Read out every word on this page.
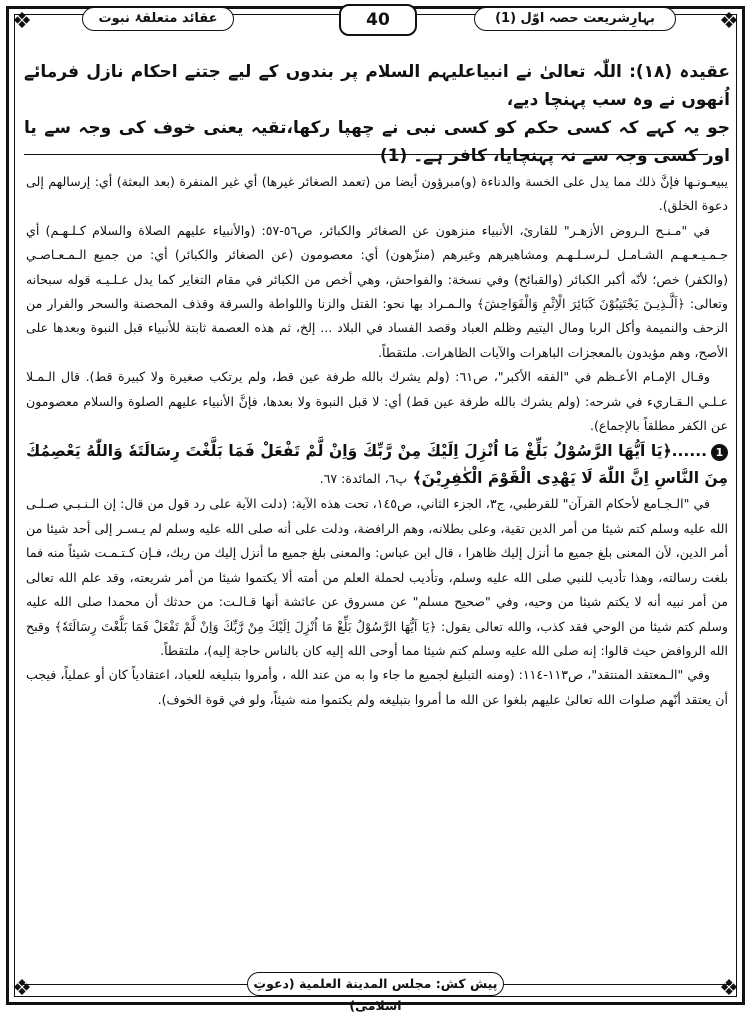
❖	❖
❖	❖
بہارِشریعت حصہ اوّل (1)
40
عقائد متعلقۂ نبوت

عقیدہ (۱۸): اللّٰہ تعالیٰ نے انبیاعلیہم السلام پر بندوں کے لیے جتنے احکام نازل فرمائے اُنھوں نے وہ سب پہنچا دیے،

جو یہ کہے کہ کسی حکم کو کسی نبی نے چھپا رکھا،تقیہ یعنی خوف کی وجہ سے یا اور کسی وجہ سے نہ پہنچایا، کافر ہے۔ (1)

يبيعـونـها فإنَّ ذلك مما يدل على الخسة والدناءة (و)مبرؤون أيضا من (تعمد الصغائر غيرها) أي غير المنفرة (بعد البعثة) أي: إرسالهم إلى دعوة الخلق).

في "مـنـح الـروض الأزهـر" للقارئ، الأنبياء منزهون عن الصغائر والكبائر، ص٥٦-٥٧: (والأنبياء عليهم الصلاة والسلام كـلـهـم) أي جـمـيـعـهـم الشـامـل لـرسـلـهـم ومشاهيرهم وغيرهم (منزّهون) أي: معصومون (عن الصغائر والكبائر) أي: من جميع الـمـعـاصـي (والكفر) خص؛ لأنّه أكبر الكبائر (والقبائح) وفي نسخة: والفواحش، وهي أخص من الكبائر في مقام التغاير كما يدل عـلـيـه قوله سبحانه وتعالى: ﴿اَلَّـذِيـنَ يَجْتَنِبُوْنَ كَبَائِرَ الْاِثْمِ وَالْفَوَاحِشَ﴾ والـمـراد بها نحو: القتل والزنا واللواطة والسرقة وقذف المحصنة والسحر والفرار من الزحف والنميمة وأكل الربا ومال اليتيم وظلم العباد وقصد الفساد في البلاد ... إلخ، ثم هذه العصمة ثابتة للأنبياء قبل النبوة وبعدها على الأصح، وهم مؤيدون بالمعجزات الباهرات والآيات الظاهرات. ملتقطاً.

وقـال الإمـام الأعـظم في "الفقه الأكبر"، ص٦١: (ولم يشرك بالله طرفة عين قط، ولم يرتكب صغيرة ولا كبيرة قط). قال الـمـلا عـلـي الـقـاريء في شرحه: (ولم يشرك بالله طرفة عين قط) أي: لا قبل النبوة ولا بعدها، فإنَّ الأنبياء عليهم الصلوة والسلام معصومون عن الكفر مطلقاً بالإجماع).

1......﴿يَا اَيُّهَا الرَّسُوْلُ بَلِّغْ مَا اُنْزِلَ اِلَيْكَ مِنْ رَّبِّكَ وَاِنْ لَّمْ تَفْعَلْ فَمَا بَلَّغْتَ رِسَالَتَهٗ وَاللّٰهُ يَعْصِمُكَ مِنَ النَّاسِ اِنَّ اللّٰهَ لَا يَهْدِى الْقَوْمَ الْكٰفِرِيْنَ﴾ پ٦، المائدة: ٦٧.

في "الـجـامع لأحكام القرآن" للقرطبي، ج٣، الجزء الثاني، ص١٤٥، تحت هذه الآية: (دلت الآية على رد قول من قال: إن الـنـبـي صـلـى الله عليه وسلم كتم شيئا من أمر الدين تقية، وعلى بطلانه، وهم الرافضة، ودلت على أنه صلى الله عليه وسلم لم يـسـر إلى أحد شيئا من أمر الدين، لأن المعنى بلغ جميع ما أنزل إليك ظاهرا ، قال ابن عباس: والمعنى بلغ جميع ما أنزل إليك من ربك، فـإن كـتـمـت شيئاً منه فما بلغت رسالته، وهذا تأديب للنبي صلى الله عليه وسلم، وتأديب لحملة العلم من أمته ألا يكتموا شيئا من أمر شريعته، وقد علم الله تعالى من أمر نبيه أنه لا يكتم شيئا من وحيه، وفي "صحيح مسلم" عن مسروق عن عائشة أنها قـالـت: من حدثك أن محمدا صلى الله عليه وسلم كتم شيئا من الوحي فقد كذب، والله تعالى يقول: ﴿يَا اَيُّهَا الرَّسُوْلُ بَلِّغْ مَا اُنْزِلَ اِلَيْكَ مِنْ رَّبِّكَ وَاِنْ لَّمْ تَفْعَلْ فَمَا بَلَّغْتَ رِسَالَتَهٗ﴾ وقبح الله الروافض حيث قالوا: إنه صلى الله عليه وسلم كتم شيئا مما أوحى الله إليه كان بالناس حاجة إليه)، ملتقطاً.

وفي "الـمعتقد المنتقد"، ص١١٣-١١٤: (ومنه التبليغ لجميع ما جاء وا به من عند الله ، وأمروا بتبليغه للعباد، اعتقادياً كان أو عملياً، فيجب أن يعتقد أنّهم صلوات الله تعالىٰ عليهم بلغوا عن الله ما أمروا بتبليغه ولم يكتموا منه شيئاً، ولو في قوة الخوف).

پیش کش: مجلس المدينة العلمية (دعوتِ اسلامی)
